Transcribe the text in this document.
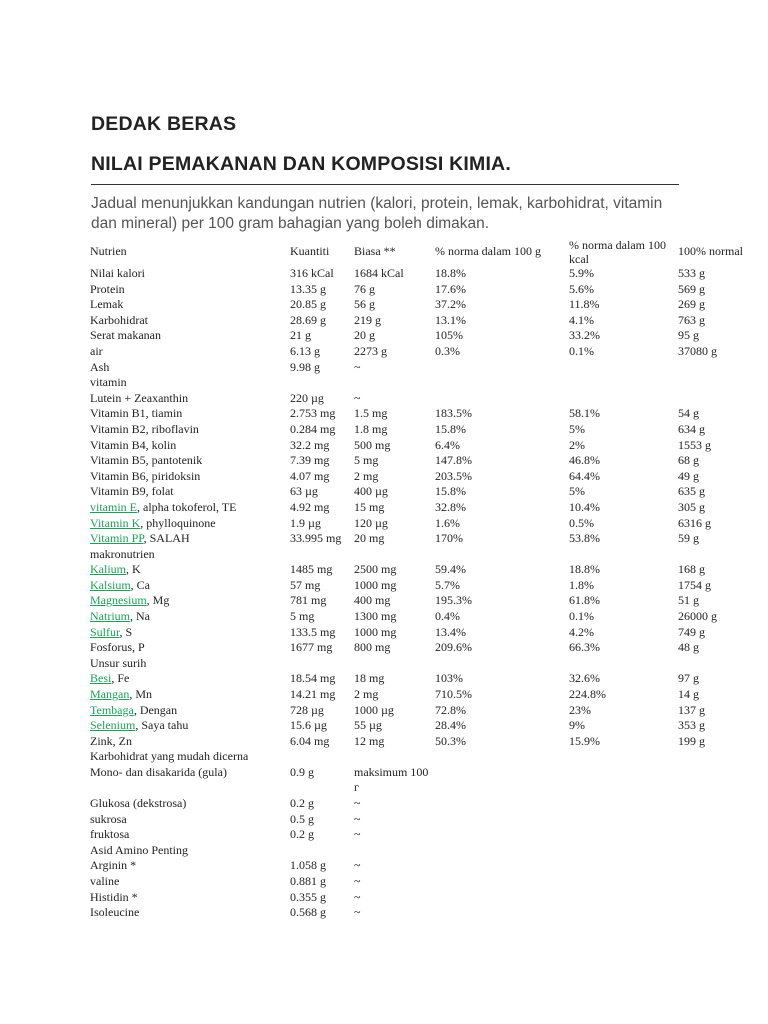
DEDAK BERAS
NILAI PEMAKANAN DAN KOMPOSISI KIMIA.

Jadual menunjukkan kandungan nutrien (kalori, protein, lemak, karbohidrat, vitamin dan mineral) per 100 gram bahagian yang boleh dimakan.

Nutrien	Kuantiti	Biasa **	% norma dalam 100 g	% norma dalam 100 kcal	100% normal
Nilai kalori	316 kCal	1684 kCal	18.8%	5.9%	533 g
Protein	13.35 g	76 g	17.6%	5.6%	569 g
Lemak	20.85 g	56 g	37.2%	11.8%	269 g
Karbohidrat	28.69 g	219 g	13.1%	4.1%	763 g
Serat makanan	21 g	20 g	105%	33.2%	95 g
air	6.13 g	2273 g	0.3%	0.1%	37080 g
Ash	9.98 g	~			
vitamin					
Lutein + Zeaxanthin	220 µg	~			
Vitamin B1, tiamin	2.753 mg	1.5 mg	183.5%	58.1%	54 g
Vitamin B2, riboflavin	0.284 mg	1.8 mg	15.8%	5%	634 g
Vitamin B4, kolin	32.2 mg	500 mg	6.4%	2%	1553 g
Vitamin B5, pantotenik	7.39 mg	5 mg	147.8%	46.8%	68 g
Vitamin B6, piridoksin	4.07 mg	2 mg	203.5%	64.4%	49 g
Vitamin B9, folat	63 µg	400 µg	15.8%	5%	635 g
vitamin E, alpha tokoferol, TE	4.92 mg	15 mg	32.8%	10.4%	305 g
Vitamin K, phylloquinone	1.9 µg	120 µg	1.6%	0.5%	6316 g
Vitamin PP, SALAH	33.995 mg	20 mg	170%	53.8%	59 g
makronutrien					
Kalium, K	1485 mg	2500 mg	59.4%	18.8%	168 g
Kalsium, Ca	57 mg	1000 mg	5.7%	1.8%	1754 g
Magnesium, Mg	781 mg	400 mg	195.3%	61.8%	51 g
Natrium, Na	5 mg	1300 mg	0.4%	0.1%	26000 g
Sulfur, S	133.5 mg	1000 mg	13.4%	4.2%	749 g
Fosforus, P	1677 mg	800 mg	209.6%	66.3%	48 g
Unsur surih					
Besi, Fe	18.54 mg	18 mg	103%	32.6%	97 g
Mangan, Mn	14.21 mg	2 mg	710.5%	224.8%	14 g
Tembaga, Dengan	728 µg	1000 µg	72.8%	23%	137 g
Selenium, Saya tahu	15.6 µg	55 µg	28.4%	9%	353 g
Zink, Zn	6.04 mg	12 mg	50.3%	15.9%	199 g
Karbohidrat yang mudah dicerna					
Mono- dan disakarida (gula)	0.9 g	maksimum 100 г			
Glukosa (dekstrosa)	0.2 g	~			
sukrosa	0.5 g	~			
fruktosa	0.2 g	~			
Asid Amino Penting					
Arginin *	1.058 g	~			
valine	0.881 g	~			
Histidin *	0.355 g	~			
Isoleucine	0.568 g	~			
